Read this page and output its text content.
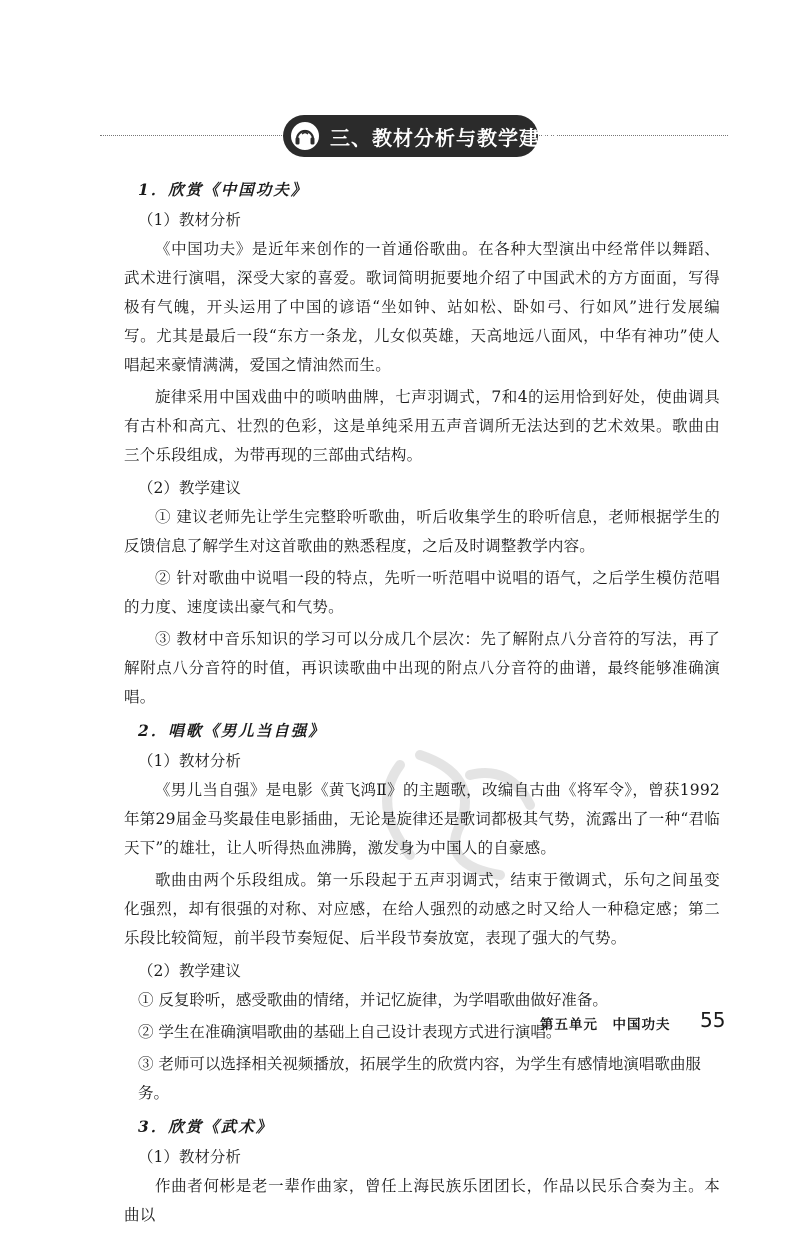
三、教材分析与教学建议

1．欣赏《中国功夫》

（1）教材分析

《中国功夫》是近年来创作的一首通俗歌曲。在各种大型演出中经常伴以舞蹈、武术进行演唱，深受大家的喜爱。歌词简明扼要地介绍了中国武术的方方面面，写得极有气魄，开头运用了中国的谚语“坐如钟、站如松、卧如弓、行如风”进行发展编写。尤其是最后一段“东方一条龙，儿女似英雄，天高地远八面风，中华有神功”使人唱起来豪情满满，爱国之情油然而生。

旋律采用中国戏曲中的唢呐曲牌，七声羽调式，7和4的运用恰到好处，使曲调具有古朴和高亢、壮烈的色彩，这是单纯采用五声音调所无法达到的艺术效果。歌曲由三个乐段组成，为带再现的三部曲式结构。

（2）教学建议

① 建议老师先让学生完整聆听歌曲，听后收集学生的聆听信息，老师根据学生的反馈信息了解学生对这首歌曲的熟悉程度，之后及时调整教学内容。

② 针对歌曲中说唱一段的特点，先听一听范唱中说唱的语气，之后学生模仿范唱的力度、速度读出豪气和气势。

③ 教材中音乐知识的学习可以分成几个层次：先了解附点八分音符的写法，再了解附点八分音符的时值，再识读歌曲中出现的附点八分音符的曲谱，最终能够准确演唱。

2．唱歌《男儿当自强》

（1）教材分析

《男儿当自强》是电影《黄飞鸿Ⅱ》的主题歌，改编自古曲《将军令》，曾获1992年第29届金马奖最佳电影插曲，无论是旋律还是歌词都极其气势，流露出了一种“君临天下”的雄壮，让人听得热血沸腾，激发身为中国人的自豪感。

歌曲由两个乐段组成。第一乐段起于五声羽调式，结束于徵调式，乐句之间虽变化强烈，却有很强的对称、对应感，在给人强烈的动感之时又给人一种稳定感；第二乐段比较简短，前半段节奏短促、后半段节奏放宽，表现了强大的气势。

（2）教学建议

① 反复聆听，感受歌曲的情绪，并记忆旋律，为学唱歌曲做好准备。

② 学生在准确演唱歌曲的基础上自己设计表现方式进行演唱。

③ 老师可以选择相关视频播放，拓展学生的欣赏内容，为学生有感情地演唱歌曲服务。

3．欣赏《武术》

（1）教材分析

作曲者何彬是老一辈作曲家，曾任上海民族乐团团长，作品以民乐合奏为主。本曲以

第五单元　中国功夫 55
